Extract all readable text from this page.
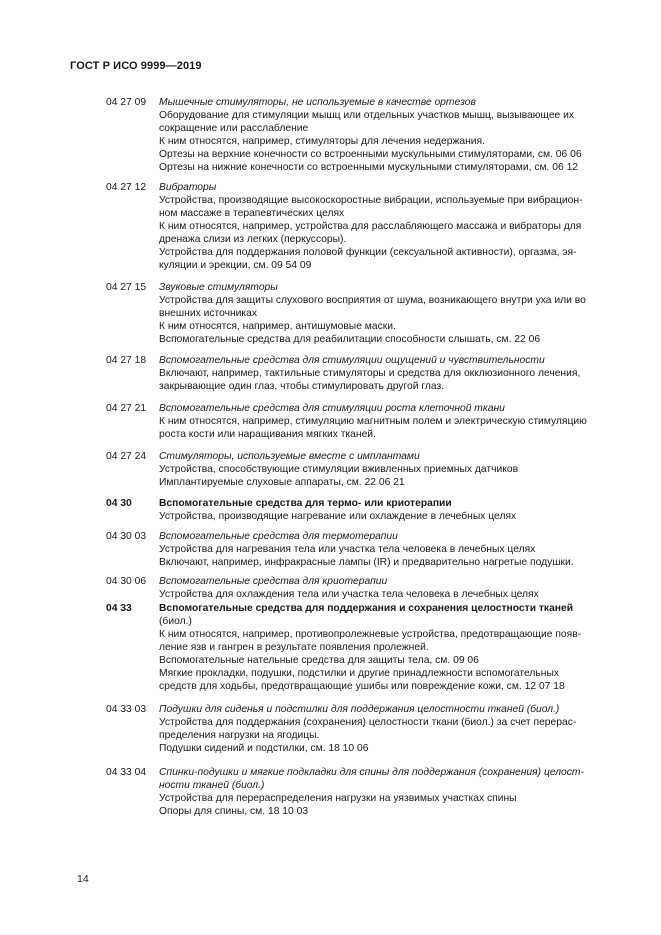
ГОСТ Р ИСО 9999—2019
04 27 09 Мышечные стимуляторы, не используемые в качестве ортезов
Оборудование для стимуляции мышц или отдельных участков мышц, вызывающее их
сокращение или расслабление
К ним относятся, например, стимуляторы для лечения недержания.
Ортезы на верхние конечности со встроенными мускульными стимуляторами, см. 06 06
Ортезы на нижние конечности со встроенными мускульными стимуляторами, см. 06 12
04 27 12 Вибраторы
Устройства, производящие высокоскоростные вибрации, используемые при вибрацион-
ном массаже в терапевтических целях
К ним относятся, например, устройства для расслабляющего массажа и вибраторы для
дренажа слизи из легких (перкуссоры).
Устройства для поддержания половой функции (сексуальной активности), оргазма, эя-
куляции и эрекции, см. 09 54 09
04 27 15 Звуковые стимуляторы
Устройства для защиты слухового восприятия от шума, возникающего внутри уха или во
внешних источниках
К ним относятся, например, антишумовые маски.
Вспомогательные средства для реабилитации способности слышать, см. 22 06
04 27 18 Вспомогательные средства для стимуляции ощущений и чувствительности
Включают, например, тактильные стимуляторы и средства для окклюзионного лечения,
закрывающие один глаз, чтобы стимулировать другой глаз.
04 27 21 Вспомогательные средства для стимуляции роста клеточной ткани
К ним относятся, например, стимуляцию магнитным полем и электрическую стимуляцию
роста кости или наращивания мягких тканей.
04 27 24 Стимуляторы, используемые вместе с имплантами
Устройства, способствующие стимуляции вживленных приемных датчиков
Имплантируемые слуховые аппараты, см. 22 06 21
04 30	Вспомогательные средства для термо- или криотерапии
Устройства, производящие нагревание или охлаждение в лечебных целях
04 30 03 Вспомогательные средства для термотерапии
Устройства для нагревания тела или участка тела человека в лечебных целях
Включают, например, инфракрасные лампы (IR) и предварительно нагретые подушки.
04 30 06 Вспомогательные средства для криотерапии
Устройства для охлаждения тела или участка тела человека в лечебных целях
04 33	Вспомогательные средства для поддержания и сохранения целостности тканей
(биол.)
К ним относятся, например, противопролежневые устройства, предотвращающие появ-
ление язв и гангрен в результате появления пролежней.
Вспомогательные нательные средства для защиты тела, см. 09 06
Мягкие прокладки, подушки, подстилки и другие принадлежности вспомогательных
средств для ходьбы, предотвращающие ушибы или повреждение кожи, см. 12 07 18
04 33 03 Подушки для сиденья и подстилки для поддержания целостности тканей (биол.)
Устройства для поддержания (сохранения) целостности ткани (биол.) за счет перерас-
пределения нагрузки на ягодицы.
Подушки сидений и подстилки, см. 18 10 06
04 33 04 Спинки-подушки и мягкие подкладки для спины для поддержания (сохранения) целост-
ности тканей (биол.)
Устройства для перераспределения нагрузки на уязвимых участках спины
Опоры для спины, см. 18 10 03
14
